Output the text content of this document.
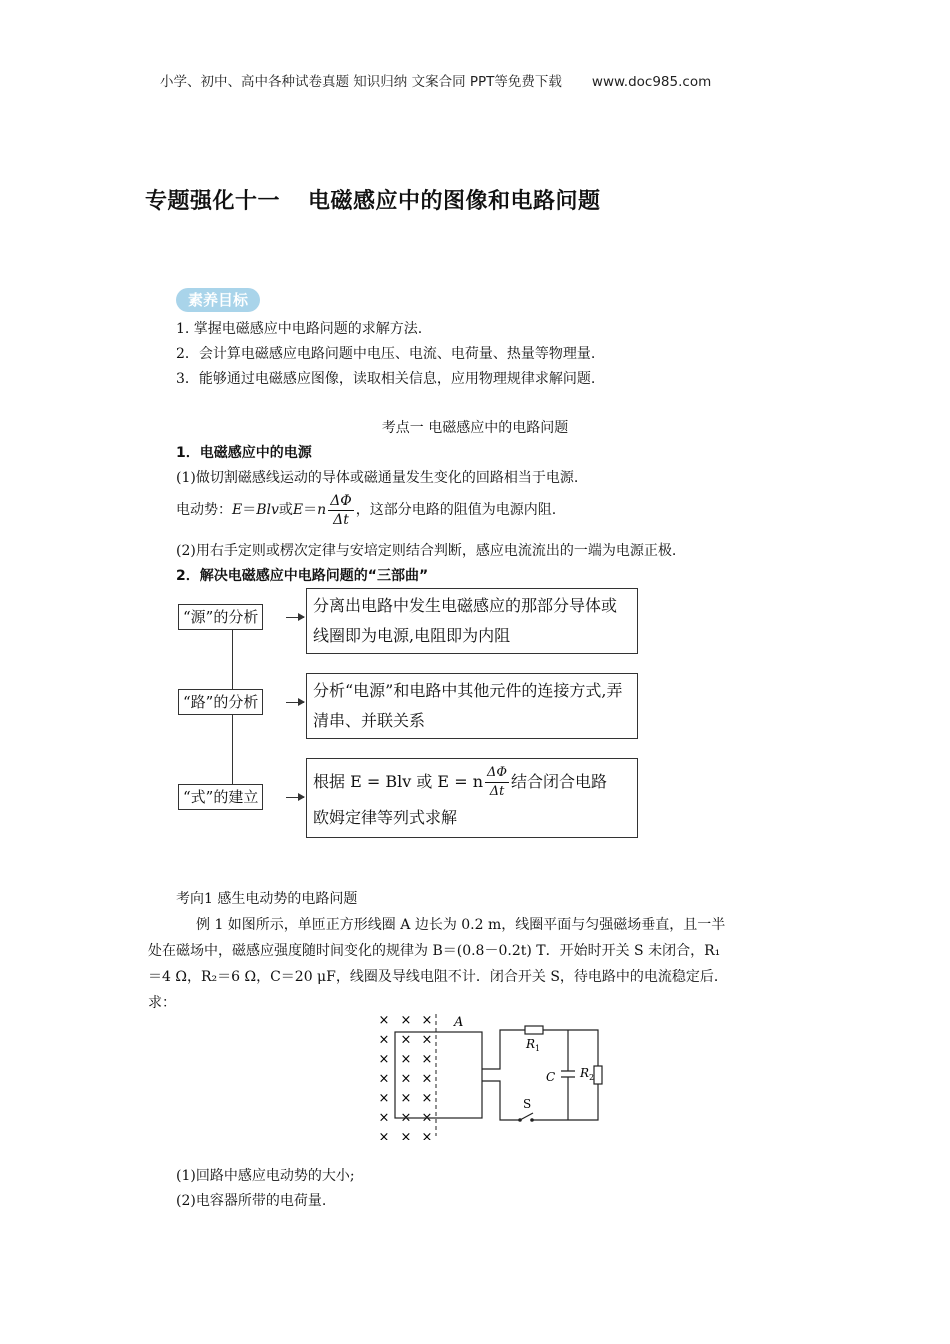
小学、初中、高中各种试卷真题 知识归纳 文案合同 PPT等免费下载 www.doc985.com
专题强化十一 电磁感应中的图像和电路问题
素养目标
1. 掌握电磁感应中电路问题的求解方法.
2．会计算电磁感应电路问题中电压、电流、电荷量、热量等物理量.
3．能够通过电磁感应图像，读取相关信息，应用物理规律求解问题.
考点一 电磁感应中的电路问题
1．电磁感应中的电源
(1)做切割磁感线运动的导体或磁通量发生变化的回路相当于电源.
电动势： E ＝ Blv 或 E ＝ n $\frac{\Delta\Phi}{\Delta t}$ ，这部分电路的阻值为电源内阻.
(2)用右手定则或楞次定律与安培定则结合判断，感应电流流出的一端为电源正极.
2．解决电磁感应中电路问题的“三部曲”
“源”的分析
分离出电路中发生电磁感应的那部分导体或线圈即为电源,电阻即为内阻
“路”的分析
分析“电源”和电路中其他元件的连接方式,弄清串、并联关系
“式”的建立
根据 E = Blv 或 E = n $\frac{\Delta\Phi}{\Delta t}$ 结合闭合电路
欧姆定律等列式求解
考向1 感生电动势的电路问题
例 1 如图所示，单匝正方形线圈 A 边长为 0.2 m，线圈平面与匀强磁场垂直，且一半
处在磁场中，磁感应强度随时间变化的规律为 B＝(0.8－0.2t) T．开始时开关 S 未闭合，R₁
＝4 Ω，R₂＝6 Ω，C＝20 μF，线圈及导线电阻不计．闭合开关 S，待电路中的电流稳定后．
求：
× × ×
× × ×
× × ×
× × ×
× × ×
× × ×
× × ×
A
$R_1$
C $R_2$
S
(1)回路中感应电动势的大小;
(2)电容器所带的电荷量.
